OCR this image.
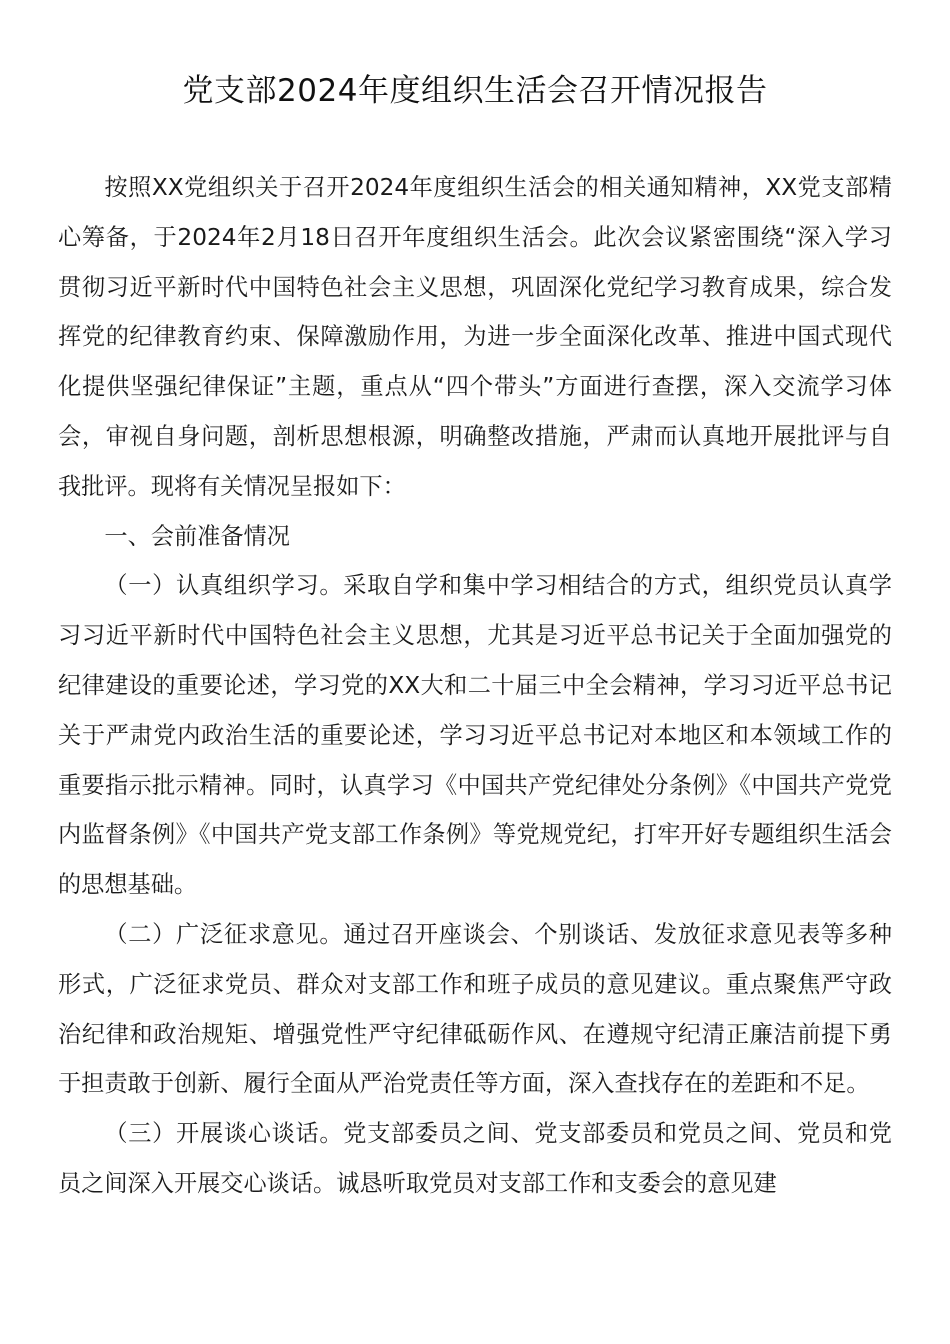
党支部2024年度组织生活会召开情况报告

按照XX党组织关于召开2024年度组织生活会的相关通知精神，XX党支部精心筹备，于2024年2月18日召开年度组织生活会。此次会议紧密围绕“深入学习贯彻习近平新时代中国特色社会主义思想，巩固深化党纪学习教育成果，综合发挥党的纪律教育约束、保障激励作用，为进一步全面深化改革、推进中国式现代化提供坚强纪律保证”主题，重点从“四个带头”方面进行查摆，深入交流学习体会，审视自身问题，剖析思想根源，明确整改措施，严肃而认真地开展批评与自我批评。现将有关情况呈报如下：

一、会前准备情况

（一）认真组织学习。采取自学和集中学习相结合的方式，组织党员认真学习习近平新时代中国特色社会主义思想，尤其是习近平总书记关于全面加强党的纪律建设的重要论述，学习党的XX大和二十届三中全会精神，学习习近平总书记关于严肃党内政治生活的重要论述，学习习近平总书记对本地区和本领域工作的重要指示批示精神。同时，认真学习《中国共产党纪律处分条例》《中国共产党党内监督条例》《中国共产党支部工作条例》等党规党纪，打牢开好专题组织生活会的思想基础。

（二）广泛征求意见。通过召开座谈会、个别谈话、发放征求意见表等多种形式，广泛征求党员、群众对支部工作和班子成员的意见建议。重点聚焦严守政治纪律和政治规矩、增强党性严守纪律砥砺作风、在遵规守纪清正廉洁前提下勇于担责敢于创新、履行全面从严治党责任等方面，深入查找存在的差距和不足。

（三）开展谈心谈话。党支部委员之间、党支部委员和党员之间、党员和党员之间深入开展交心谈话。诚恳听取党员对支部工作和支委会的意见建
